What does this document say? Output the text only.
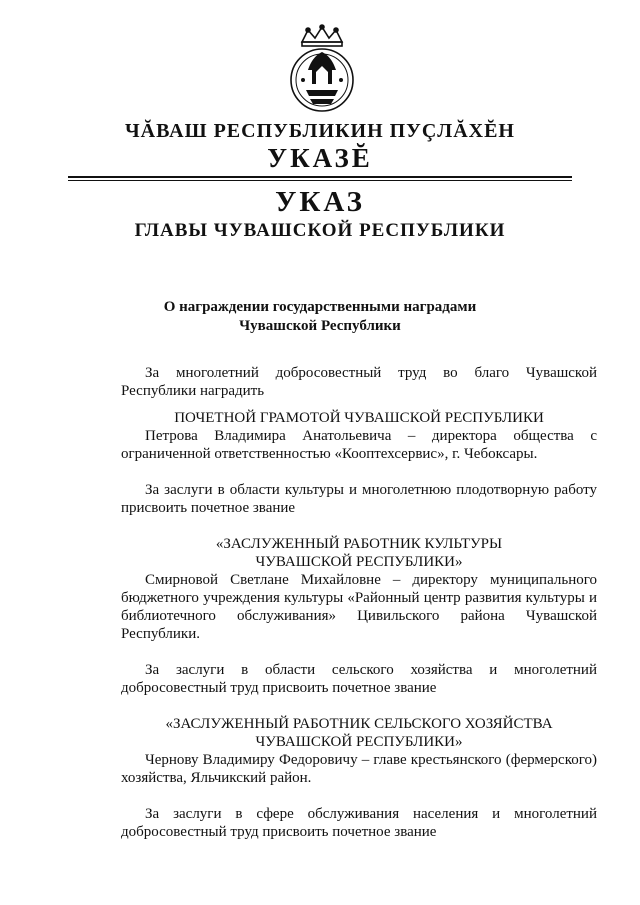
ЧĂВАШ РЕСПУБЛИКИН ПУÇЛĂХĔН
УКАЗĔ
УКАЗ
ГЛАВЫ ЧУВАШСКОЙ РЕСПУБЛИКИ
О награждении государственными наградами
Чувашской Республики

За многолетний добросовестный труд во благо Чувашской Республики наградить

ПОЧЕТНОЙ ГРАМОТОЙ ЧУВАШСКОЙ РЕСПУБЛИКИ

Петрова Владимира Анатольевича – директора общества с ограниченной ответственностью «Кооптехсервис», г. Чебоксары.

За заслуги в области культуры и многолетнюю плодотворную работу присвоить почетное звание

«ЗАСЛУЖЕННЫЙ РАБОТНИК КУЛЬТУРЫ

ЧУВАШСКОЙ РЕСПУБЛИКИ»

Смирновой Светлане Михайловне – директору муниципального бюджетного учреждения культуры «Районный центр развития культуры и библиотечного обслуживания» Цивильского района Чувашской Республики.

За заслуги в области сельского хозяйства и многолетний добросовестный труд присвоить почетное звание

«ЗАСЛУЖЕННЫЙ РАБОТНИК СЕЛЬСКОГО ХОЗЯЙСТВА

ЧУВАШСКОЙ РЕСПУБЛИКИ»

Чернову Владимиру Федоровичу – главе крестьянского (фермерского) хозяйства, Яльчикский район.

За заслуги в сфере обслуживания населения и многолетний добросовестный труд присвоить почетное звание
